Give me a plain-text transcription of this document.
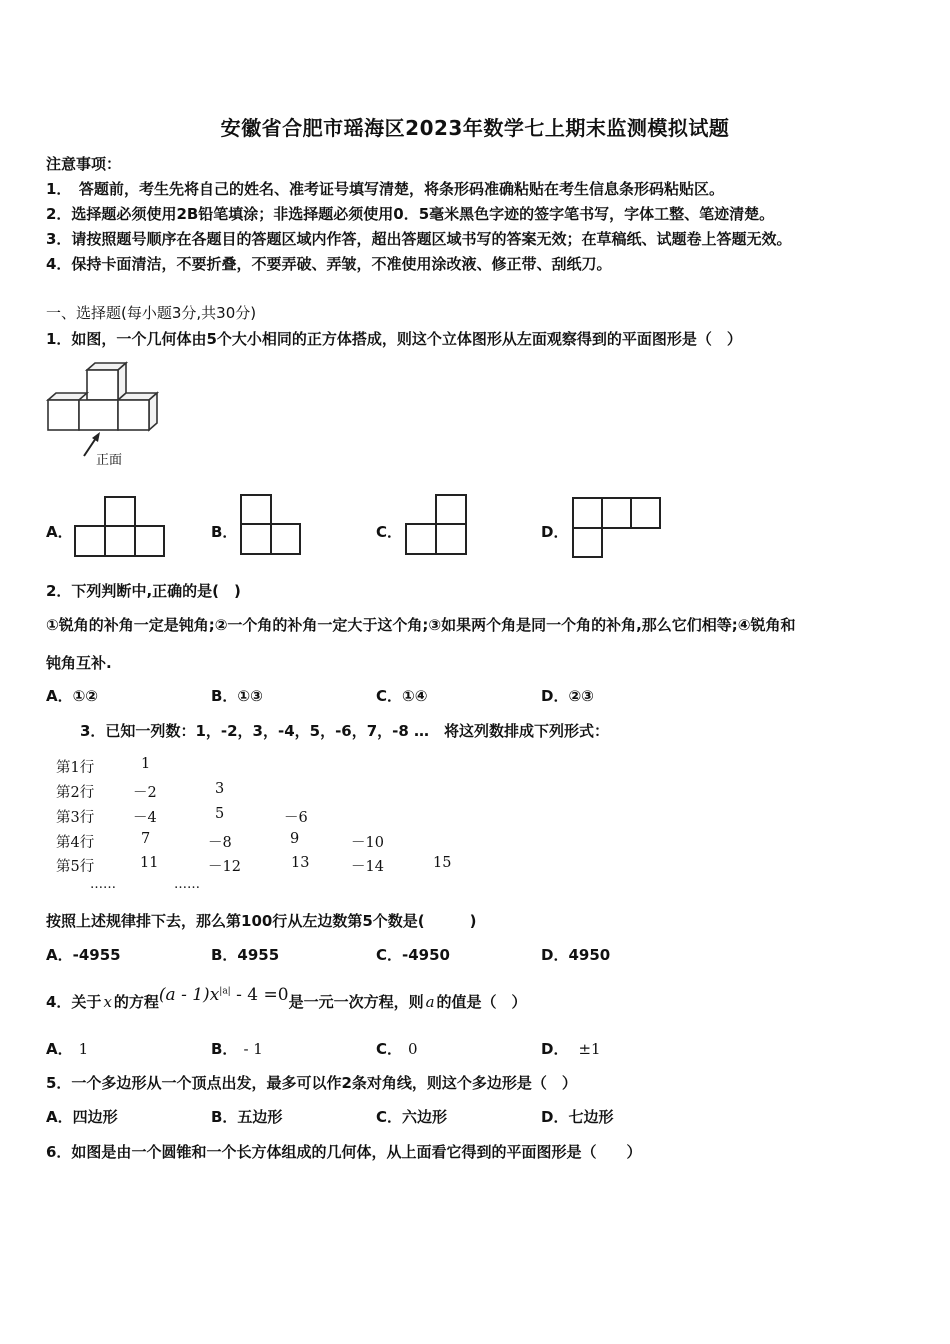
安徽省合肥市瑶海区2023年数学七上期末监测模拟试题
注意事项：
1．　答题前，考生先将自己的姓名、准考证号填写清楚，将条形码准确粘贴在考生信息条形码粘贴区。
2．选择题必须使用2B铅笔填涂；非选择题必须使用0．5毫米黑色字迹的签字笔书写，字体工整、笔迹清楚。
3．请按照题号顺序在各题目的答题区域内作答，超出答题区域书写的答案无效；在草稿纸、试题卷上答题无效。
4．保持卡面清洁，不要折叠，不要弄破、弄皱，不准使用涂改液、修正带、刮纸刀。
一、选择题(每小题3分,共30分)
1．如图，一个几何体由5个大小相同的正方体搭成，则这个立体图形从左面观察得到的平面图形是（　）
正面
A．	B．	C．	D．
2．下列判断中,正确的是(　)
①锐角的补角一定是钝角;②一个角的补角一定大于这个角;③如果两个角是同一个角的补角,那么它们相等;④锐角和
钝角互补.
A．①②	B．①③	C．①④	D．②③
3．已知一列数：1，-2，3，-4，5，-6，7，-8 …　将这列数排成下列形式：
第1行	1
第2行	－2	3
第3行	－4	5	－6
第4行	7	－8	9	－10
第5行	11	－12	13	－14	15
……	……
按照上述规律排下去，那么第100行从左边数第5个数是(　　　)
A．-4955	B．4955	C．-4950	D．4950
4．关于 x 的方程$(a - 1)x^{|a|} - 4 =0$是一元一次方程，则 a 的值是（　）
A． 1	B． - 1	C． 0	D． ±1
5．一个多边形从一个顶点出发，最多可以作2条对角线，则这个多边形是（　）
A．四边形	B．五边形	C．六边形	D．七边形
6．如图是由一个圆锥和一个长方体组成的几何体，从上面看它得到的平面图形是（　　）
